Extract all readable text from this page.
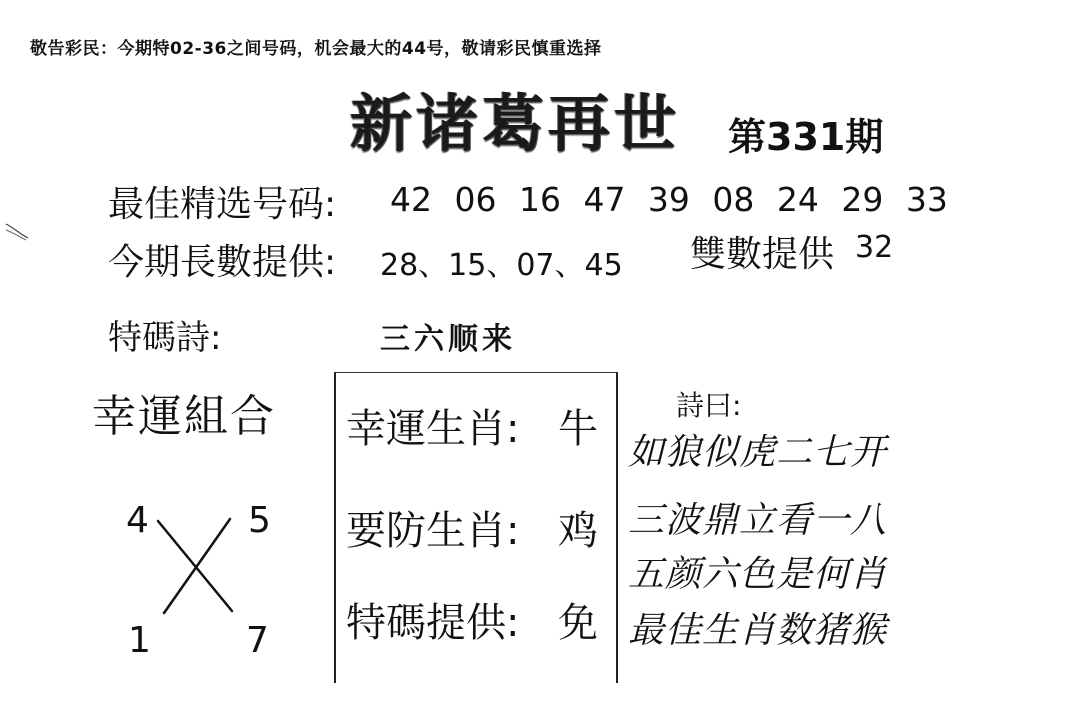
敬告彩民：今期特02-36之间号码，机会最大的44号，敬请彩民慎重选择
新诸葛再世 第331期
最佳精选号码: 42 06 16 47 39 08 24 29 33
今期長數提供: 28、15、07、45 雙數提供 32
特碼詩:	三六顺来
幸運組合
4	5
1	7
幸運生肖: 牛
要防生肖: 鸡
特碼提供: 免
詩曰:
如狼似虎二七开
三波鼎立看一八
五颜六色是何肖
最佳生肖数猪猴
